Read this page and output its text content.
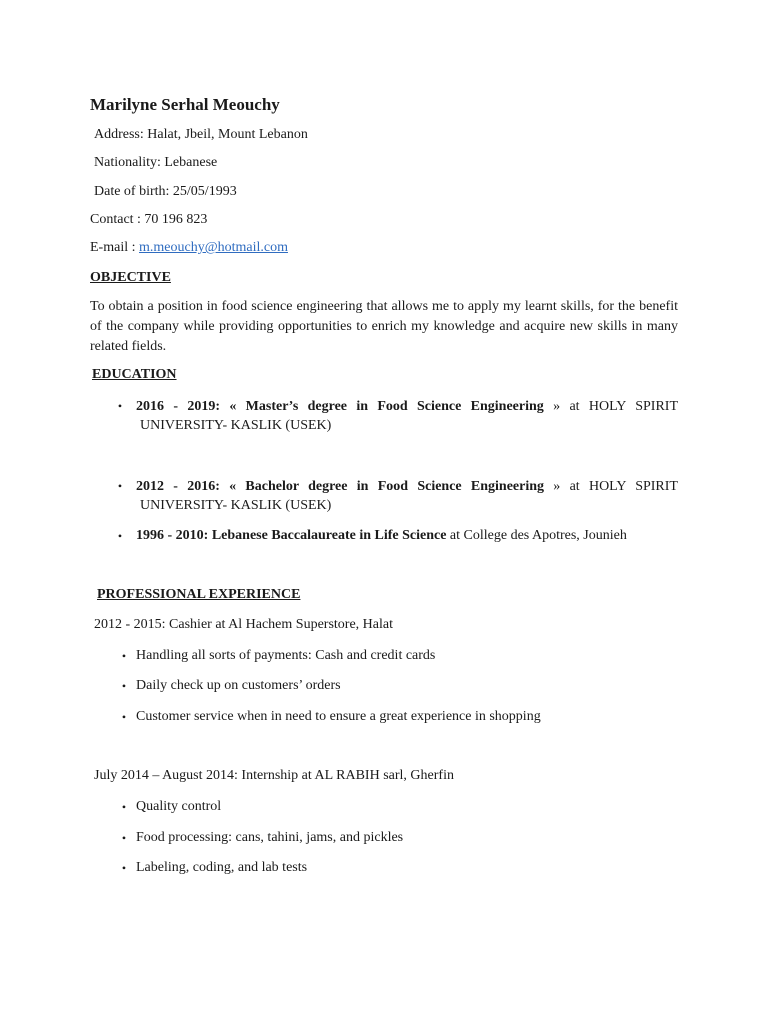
Marilyne Serhal Meouchy
Address: Halat, Jbeil, Mount Lebanon
Nationality: Lebanese
Date of birth: 25/05/1993
Contact : 70 196 823
E-mail : m.meouchy@hotmail.com
OBJECTIVE
To obtain a position in food science engineering that allows me to apply my learnt skills, for the benefit of the company while providing opportunities to enrich my knowledge and acquire new skills in many related fields.
EDUCATION
• 2016 - 2019: « Master’s degree in Food Science Engineering » at HOLY SPIRIT
UNIVERSITY- KASLIK (USEK)
• 2012 - 2016: « Bachelor degree in Food Science Engineering » at HOLY SPIRIT
UNIVERSITY- KASLIK (USEK)
• 1996 - 2010: Lebanese Baccalaureate in Life Science at College des Apotres, Jounieh
PROFESSIONAL EXPERIENCE
2012 - 2015: Cashier at Al Hachem Superstore, Halat
• Handling all sorts of payments: Cash and credit cards
• Daily check up on customers’ orders
• Customer service when in need to ensure a great experience in shopping
July 2014 – August 2014: Internship at AL RABIH sarl, Gherfin
• Quality control
• Food processing: cans, tahini, jams, and pickles
• Labeling, coding, and lab tests
